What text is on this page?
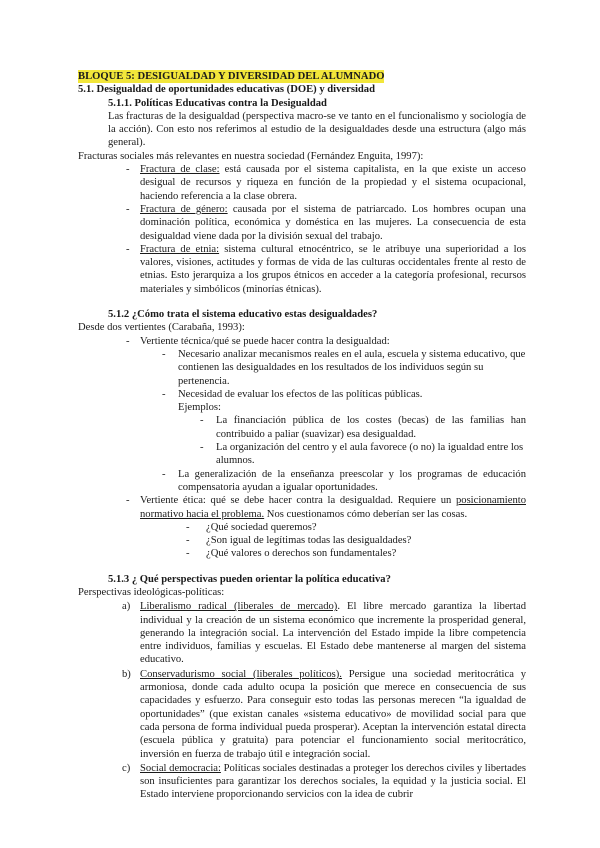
BLOQUE 5: DESIGUALDAD Y DIVERSIDAD DEL ALUMNADO
5.1. Desigualdad de oportunidades educativas (DOE) y diversidad
5.1.1. Políticas Educativas contra la Desigualdad
Las fracturas de la desigualdad (perspectiva macro-se ve tanto en el funcionalismo y sociología de la acción). Con esto nos referimos al estudio de la desigualdades desde una estructura (algo más general).
Fracturas sociales más relevantes en nuestra sociedad (Fernández Enguita, 1997):
- Fractura de clase: está causada por el sistema capitalista, en la que existe un acceso desigual de recursos y riqueza en función de la propiedad y el sistema ocupacional, haciendo referencia a la clase obrera.
- Fractura de género: causada por el sistema de patriarcado. Los hombres ocupan una dominación política, económica y doméstica en las mujeres. La consecuencia de esta desigualdad viene dada por la división sexual del trabajo.
- Fractura de etnia: sistema cultural etnocéntrico, se le atribuye una superioridad a los valores, visiones, actitudes y formas de vida de las culturas occidentales frente al resto de etnias. Esto jerarquiza a los grupos étnicos en acceder a la categoría profesional, recursos materiales y simbólicos (minorías étnicas).
5.1.2 ¿Cómo trata el sistema educativo estas desigualdades?
Desde dos vertientes (Carabaña, 1993):
- Vertiente técnica/qué se puede hacer contra la desigualdad:
- Necesario analizar mecanismos reales en el aula, escuela y sistema educativo, que contienen las desigualdades en los resultados de los individuos según su pertenencia.
- Necesidad de evaluar los efectos de las políticas públicas.
Ejemplos:
- La financiación pública de los costes (becas) de las familias han contribuido a paliar (suavizar) esa desigualdad.
- La organización del centro y el aula favorece (o no) la igualdad entre los alumnos.
- La generalización de la enseñanza preescolar y los programas de educación compensatoria ayudan a igualar oportunidades.
- Vertiente ética: qué se debe hacer contra la desigualdad. Requiere un posicionamiento normativo hacia el problema. Nos cuestionamos cómo deberían ser las cosas.
- ¿Qué sociedad queremos?
- ¿Son igual de legítimas todas las desigualdades?
- ¿Qué valores o derechos son fundamentales?
5.1.3 ¿ Qué perspectivas pueden orientar la política educativa?
Perspectivas ideológicas-políticas:
a) Liberalismo radical (liberales de mercado). El libre mercado garantiza la libertad individual y la creación de un sistema económico que incremente la prosperidad general, generando la integración social. La intervención del Estado impide la libre competencia entre individuos, familias y escuelas. El Estado debe mantenerse al margen del sistema educativo.
b) Conservadurismo social (liberales políticos). Persigue una sociedad meritocrática y armoniosa, donde cada adulto ocupa la posición que merece en consecuencia de sus capacidades y esfuerzo. Para conseguir esto todas las personas merecen “la igualdad de oportunidades” (que existan canales «sistema educativo» de movilidad social para que cada persona de forma individual pueda prosperar). Aceptan la intervención estatal directa (escuela pública y gratuita) para potenciar el funcionamiento social meritocrático, inversión en fuerza de trabajo útil e integración social.
c) Social democracia: Políticas sociales destinadas a proteger los derechos civiles y libertades son insuficientes para garantizar los derechos sociales, la equidad y la justicia social. El Estado interviene proporcionando servicios con la idea de cubrir
